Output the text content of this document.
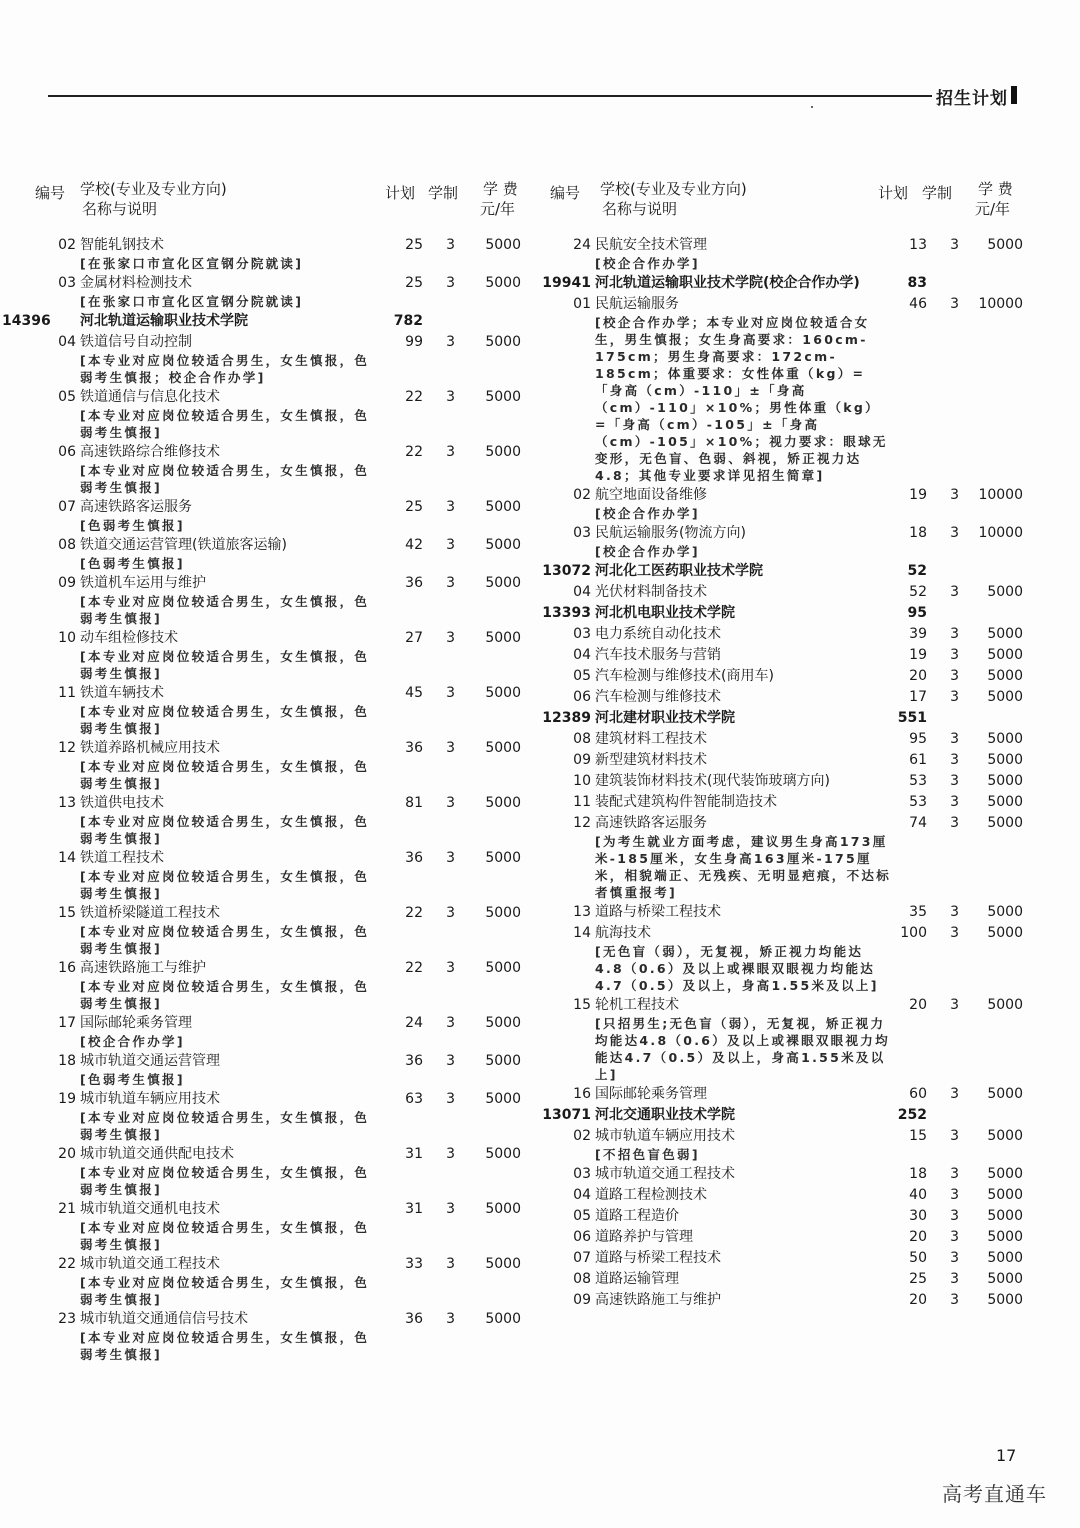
招生计划
编号 学校(专业及专业方向)
名称与说明
计划 学制 学 费
元/年
02 智能轧钢技术	25	3	5000
[在张家口市宣化区宣钢分院就读]
03 金属材料检测技术	25	3	5000
[在张家口市宣化区宣钢分院就读]
14396 河北轨道运输职业技术学院	782
04 铁道信号自动控制	99	3	5000
[本专业对应岗位较适合男生，女生慎报，色弱考生慎报；校企合作办学]
05 铁道通信与信息化技术	22	3	5000
[本专业对应岗位较适合男生，女生慎报，色弱考生慎报]
06 高速铁路综合维修技术	22	3	5000
[本专业对应岗位较适合男生，女生慎报，色弱考生慎报]
07 高速铁路客运服务	25	3	5000
[色弱考生慎报]
08 铁道交通运营管理(铁道旅客运输)	42	3	5000
[色弱考生慎报]
09 铁道机车运用与维护	36	3	5000
[本专业对应岗位较适合男生，女生慎报，色弱考生慎报]
10 动车组检修技术	27	3	5000
[本专业对应岗位较适合男生，女生慎报，色弱考生慎报]
11 铁道车辆技术	45	3	5000
[本专业对应岗位较适合男生，女生慎报，色弱考生慎报]
12 铁道养路机械应用技术	36	3	5000
[本专业对应岗位较适合男生，女生慎报，色弱考生慎报]
13 铁道供电技术	81	3	5000
[本专业对应岗位较适合男生，女生慎报，色弱考生慎报]
14 铁道工程技术	36	3	5000
[本专业对应岗位较适合男生，女生慎报，色弱考生慎报]
15 铁道桥梁隧道工程技术	22	3	5000
[本专业对应岗位较适合男生，女生慎报，色弱考生慎报]
16 高速铁路施工与维护	22	3	5000
[本专业对应岗位较适合男生，女生慎报，色弱考生慎报]
17 国际邮轮乘务管理	24	3	5000
[校企合作办学]
18 城市轨道交通运营管理	36	3	5000
[色弱考生慎报]
19 城市轨道车辆应用技术	63	3	5000
[本专业对应岗位较适合男生，女生慎报，色弱考生慎报]
20 城市轨道交通供配电技术	31	3	5000
[本专业对应岗位较适合男生，女生慎报，色弱考生慎报]
21 城市轨道交通机电技术	31	3	5000
[本专业对应岗位较适合男生，女生慎报，色弱考生慎报]
22 城市轨道交通工程技术	33	3	5000
[本专业对应岗位较适合男生，女生慎报，色弱考生慎报]
23 城市轨道交通通信信号技术	36	3	5000
[本专业对应岗位较适合男生，女生慎报，色弱考生慎报]
编号 学校(专业及专业方向)
名称与说明
计划 学制 学 费
元/年
24 民航安全技术管理	13	3	5000
[校企合作办学]
19941 河北轨道运输职业技术学院(校企合作办学)	83
01 民航运输服务	46	3	10000
[校企合作办学；本专业对应岗位较适合女生，男生慎报；女生身高要求：160cm-175cm；男生身高要求：172cm-185cm；体重要求：女性体重（kg）=「身高（cm）-110」±「身高（cm）-110」×10%；男性体重（kg）=「身高（cm）-105」±「身高（cm）-105」×10%；视力要求：眼球无变形，无色盲、色弱、斜视，矫正视力达4.8；其他专业要求详见招生简章]
02 航空地面设备维修	19	3	10000
[校企合作办学]
03 民航运输服务(物流方向)	18	3	10000
[校企合作办学]
13072 河北化工医药职业技术学院	52
04 光伏材料制备技术	52	3	5000
13393 河北机电职业技术学院	95
03 电力系统自动化技术	39	3	5000
04 汽车技术服务与营销	19	3	5000
05 汽车检测与维修技术(商用车)	20	3	5000
06 汽车检测与维修技术	17	3	5000
12389 河北建材职业技术学院	551
08 建筑材料工程技术	95	3	5000
09 新型建筑材料技术	61	3	5000
10 建筑装饰材料技术(现代装饰玻璃方向)	53	3	5000
11 装配式建筑构件智能制造技术	53	3	5000
12 高速铁路客运服务	74	3	5000
[为考生就业方面考虑，建议男生身高173厘米-185厘米，女生身高163厘米-175厘米，相貌端正、无残疾、无明显疤痕，不达标者慎重报考]
13 道路与桥梁工程技术	35	3	5000
14 航海技术	100	3	5000
[无色盲（弱），无复视，矫正视力均能达4.8（0.6）及以上或裸眼双眼视力均能达4.7（0.5）及以上，身高1.55米及以上]
15 轮机工程技术	20	3	5000
[只招男生;无色盲（弱），无复视，矫正视力均能达4.8（0.6）及以上或裸眼双眼视力均能达4.7（0.5）及以上，身高1.55米及以上]
16 国际邮轮乘务管理	60	3	5000
13071 河北交通职业技术学院	252
02 城市轨道车辆应用技术	15	3	5000
[不招色盲色弱]
03 城市轨道交通工程技术	18	3	5000
04 道路工程检测技术	40	3	5000
05 道路工程造价	30	3	5000
06 道路养护与管理	20	3	5000
07 道路与桥梁工程技术	50	3	5000
08 道路运输管理	25	3	5000
09 高速铁路施工与维护	20	3	5000
17
高考直通车
